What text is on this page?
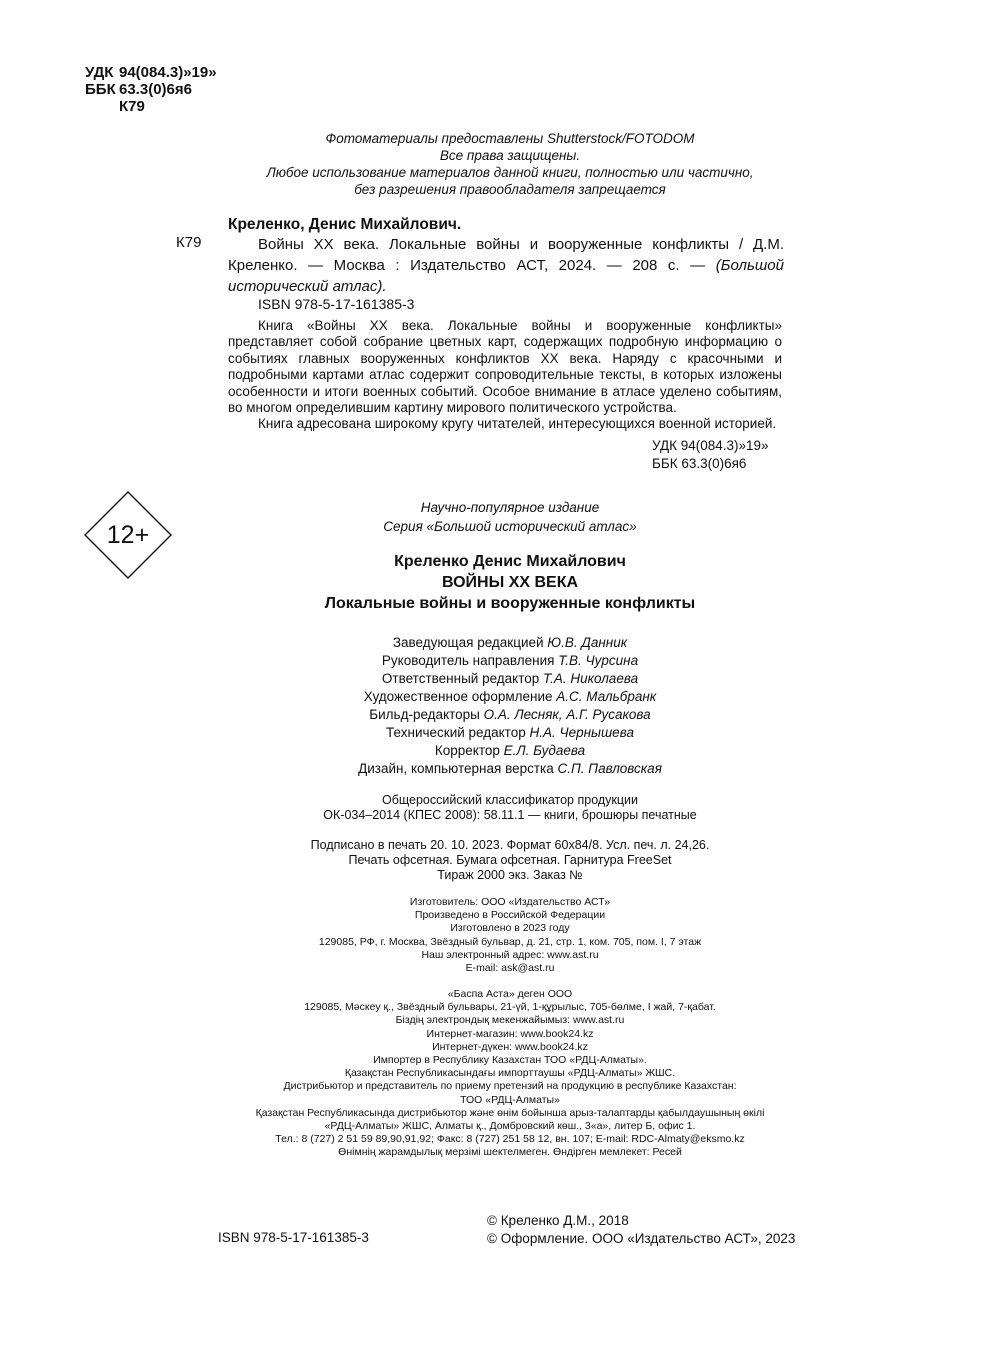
УДК 94(084.3)»19»
ББК 63.3(0)6я6
К79
Фотоматериалы предоставлены Shutterstock/FOTODOM
Все права защищены.
Любое использование материалов данной книги, полностью или частично,
без разрешения правообладателя запрещается
Креленко, Денис Михайлович.
К79	Войны ХХ века. Локальные войны и вооруженные конфликты / Д.М. Креленко. — Москва : Издательство АСТ, 2024. — 208 с. — (Большой исторический атлас).
ISBN 978-5-17-161385-3

Книга «Войны ХХ века. Локальные войны и вооруженные конфликты» представляет собой собрание цветных карт, содержащих подробную информацию о событиях главных вооруженных конфликтов ХХ века. Наряду с красочными и подробными картами атлас содержит сопроводительные тексты, в которых изложены особенности и итоги военных событий. Особое внимание в атласе уделено событиям, во многом определившим картину мирового политического устройства.

Книга адресована широкому кругу читателей, интересующихся военной историей.

УДК 94(084.3)»19»
ББК 63.3(0)6я6
12+
Научно-популярное издание
Серия «Большой исторический атлас»
Креленко Денис Михайлович
ВОЙНЫ ХХ ВЕКА
Локальные войны и вооруженные конфликты
Заведующая редакцией Ю.В. Данник
Руководитель направления Т.В. Чурсина
Ответственный редактор Т.А. Николаева
Художественное оформление А.С. Мальбранк
Бильд-редакторы О.А. Лесняк, А.Г. Русакова
Технический редактор Н.А. Чернышева
Корректор Е.Л. Будаева
Дизайн, компьютерная верстка С.П. Павловская
Общероссийский классификатор продукции
ОК-034–2014 (КПЕС 2008): 58.11.1 — книги, брошюры печатные
Подписано в печать 20. 10. 2023. Формат 60х84/8. Усл. печ. л. 24,26.
Печать офсетная. Бумага офсетная. Гарнитура FreeSet
Тираж 2000 экз. Заказ №
Изготовитель: ООО «Издательство АСТ»
Произведено в Российской Федерации
Изготовлено в 2023 году
129085, РФ, г. Москва, Звёздный бульвар, д. 21, стр. 1, ком. 705, пом. I, 7 этаж
Наш электронный адрес: www.ast.ru
E-mail: ask@ast.ru
«Баспа Аста» деген ООО
129085, Мәскеу қ., Звёздный бульвары, 21-үй, 1-құрылыс, 705-бөлме, I жай, 7-қабат.
Біздің электрондық мекенжайымыз: www.ast.ru
Интернет-магазин: www.book24.kz
Интернет-дүкен: www.book24.kz
Импортер в Республику Казахстан ТОО «РДЦ-Алматы».
Қазақстан Республикасындағы импорттаушы «РДЦ-Алматы» ЖШС.
Дистрибьютор и представитель по приему претензий на продукцию в республике Казахстан:
ТОО «РДЦ-Алматы»
Қазақстан Республикасында дистрибьютор және өнім бойынша арыз-талаптарды қабылдаушының өкілі
«РДЦ-Алматы» ЖШС, Алматы қ., Домбровский көш., 3«а», литер Б, офис 1.
Тел.: 8 (727) 2 51 59 89,90,91,92; Факс: 8 (727) 251 58 12, вн. 107; E-mail: RDC-Almaty@eksmo.kz
Өнімнің жарамдылық мерзімі шектелмеген. Өндірген мемлекет: Ресей
ISBN 978-5-17-161385-3
© Креленко Д.М., 2018
© Оформление. ООО «Издательство АСТ», 2023
